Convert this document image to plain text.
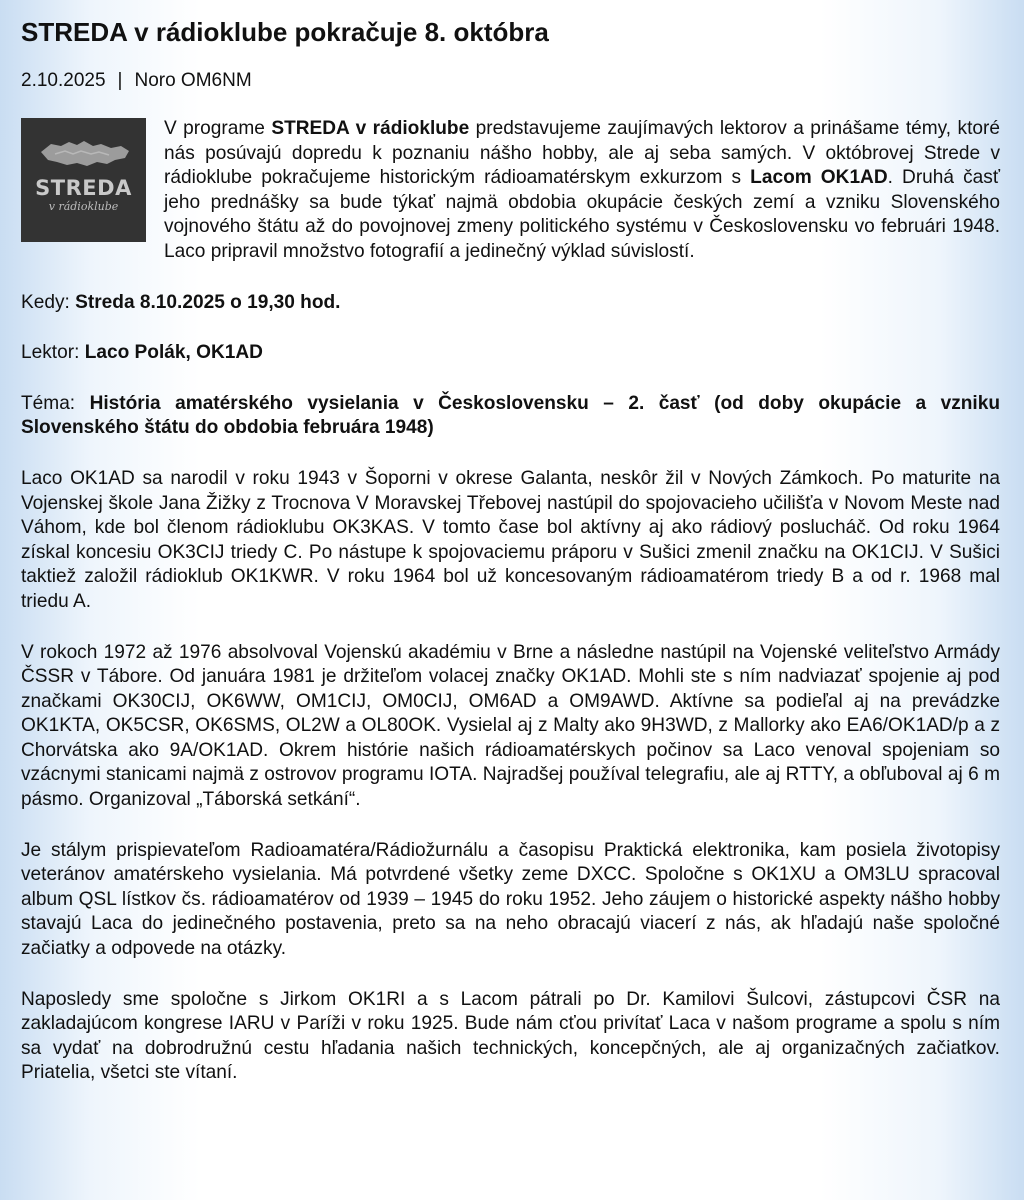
STREDA v rádioklube pokračuje 8. októbra
2.10.2025 | Noro OM6NM

STREDA
v rádioklube
V programe STREDA v rádioklube predstavujeme zaujímavých lektorov a prinášame témy, ktoré nás posúvajú dopredu k poznaniu nášho hobby, ale aj seba samých. V októbrovej Strede v rádioklube pokračujeme historickým rádioamatérskym exkurzom s Lacom OK1AD. Druhá časť jeho prednášky sa bude týkať najmä obdobia okupácie českých zemí a vzniku Slovenského vojnového štátu až do povojnovej zmeny politického systému v Československu vo februári 1948. Laco pripravil množstvo fotografií a jedinečný výklad súvislostí.

Kedy: Streda 8.10.2025 o 19,30 hod.

Lektor: Laco Polák, OK1AD

Téma: História amatérského vysielania v Československu – 2. časť (od doby okupácie a vzniku Slovenského štátu do obdobia februára 1948)

Laco OK1AD sa narodil v roku 1943 v Šoporni v okrese Galanta, neskôr žil v Nových Zámkoch. Po maturite na Vojenskej škole Jana Žižky z Trocnova V Moravskej Třebovej nastúpil do spojovacieho učilišťa v Novom Meste nad Váhom, kde bol členom rádioklubu OK3KAS. V tomto čase bol aktívny aj ako rádiový poslucháč. Od roku 1964 získal koncesiu OK3CIJ triedy C. Po nástupe k spojovaciemu práporu v Sušici zmenil značku na OK1CIJ. V Sušici taktiež založil rádioklub OK1KWR. V roku 1964 bol už koncesovaným rádioamatérom triedy B a od r. 1968 mal triedu A.

V rokoch 1972 až 1976 absolvoval Vojenskú akadémiu v Brne a následne nastúpil na Vojenské veliteľstvo Armády ČSSR v Tábore. Od januára 1981 je držiteľom volacej značky OK1AD. Mohli ste s ním nadviazať spojenie aj pod značkami OK30CIJ, OK6WW, OM1CIJ, OM0CIJ, OM6AD a OM9AWD. Aktívne sa podieľal aj na prevádzke OK1KTA, OK5CSR, OK6SMS, OL2W a OL80OK. Vysielal aj z Malty ako 9H3WD, z Mallorky ako EA6/OK1AD/p a z Chorvátska ako 9A/OK1AD. Okrem histórie našich rádioamatérskych počinov sa Laco venoval spojeniam so vzácnymi stanicami najmä z ostrovov programu IOTA. Najradšej používal telegrafiu, ale aj RTTY, a obľuboval aj 6 m pásmo. Organizoval „Táborská setkání“.

Je stálym prispievateľom Radioamatéra/Rádiožurnálu a časopisu Praktická elektronika, kam posiela životopisy veteránov amatérskeho vysielania. Má potvrdené všetky zeme DXCC. Spoločne s OK1XU a OM3LU spracoval album QSL lístkov čs. rádioamatérov od 1939 – 1945 do roku 1952. Jeho záujem o historické aspekty nášho hobby stavajú Laca do jedinečného postavenia, preto sa na neho obracajú viacerí z nás, ak hľadajú naše spoločné začiatky a odpovede na otázky.

Naposledy sme spoločne s Jirkom OK1RI a s Lacom pátrali po Dr. Kamilovi Šulcovi, zástupcovi ČSR na zakladajúcom kongrese IARU v Paríži v roku 1925. Bude nám cťou privítať Laca v našom programe a spolu s ním sa vydať na dobrodružnú cestu hľadania našich technických, koncepčných, ale aj organizačných začiatkov. Priatelia, všetci ste vítaní.
